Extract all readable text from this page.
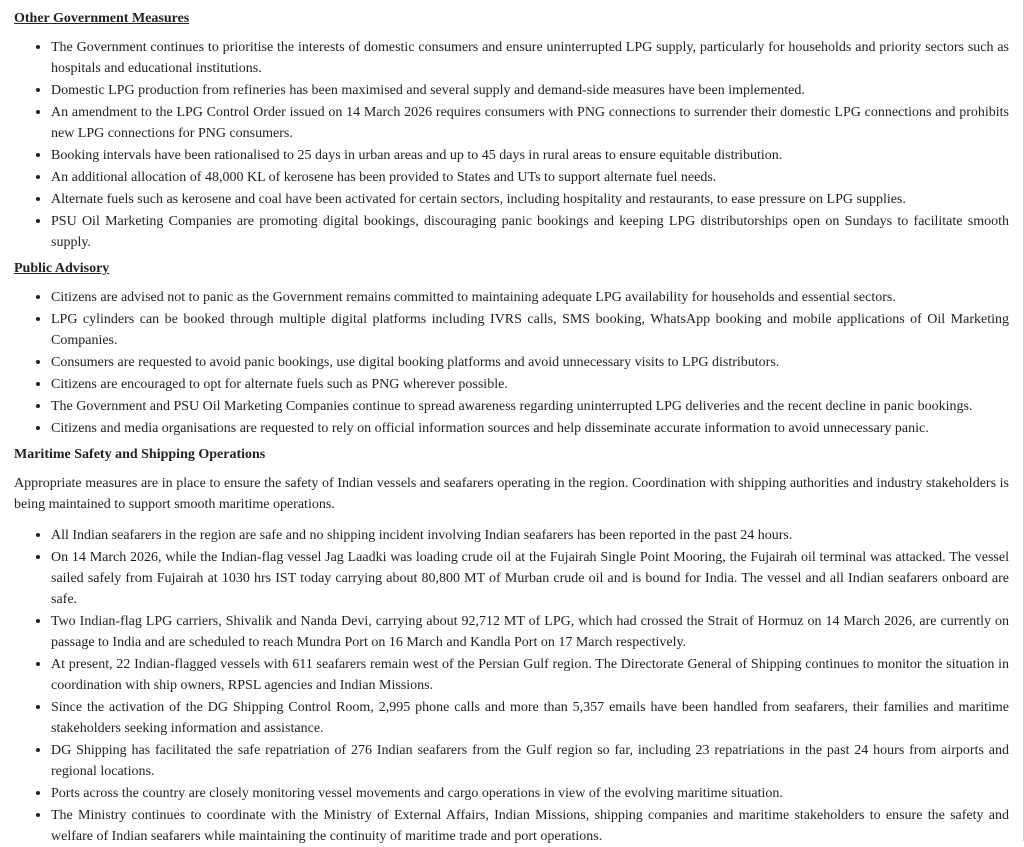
Other Government Measures
• The Government continues to prioritise the interests of domestic consumers and ensure uninterrupted LPG supply, particularly for households and priority sectors such as hospitals and educational institutions.
• Domestic LPG production from refineries has been maximised and several supply and demand-side measures have been implemented.
• An amendment to the LPG Control Order issued on 14 March 2026 requires consumers with PNG connections to surrender their domestic LPG connections and prohibits new LPG connections for PNG consumers.
• Booking intervals have been rationalised to 25 days in urban areas and up to 45 days in rural areas to ensure equitable distribution.
• An additional allocation of 48,000 KL of kerosene has been provided to States and UTs to support alternate fuel needs.
• Alternate fuels such as kerosene and coal have been activated for certain sectors, including hospitality and restaurants, to ease pressure on LPG supplies.
• PSU Oil Marketing Companies are promoting digital bookings, discouraging panic bookings and keeping LPG distributorships open on Sundays to facilitate smooth supply.
Public Advisory
• Citizens are advised not to panic as the Government remains committed to maintaining adequate LPG availability for households and essential sectors.
• LPG cylinders can be booked through multiple digital platforms including IVRS calls, SMS booking, WhatsApp booking and mobile applications of Oil Marketing Companies.
• Consumers are requested to avoid panic bookings, use digital booking platforms and avoid unnecessary visits to LPG distributors.
• Citizens are encouraged to opt for alternate fuels such as PNG wherever possible.
• The Government and PSU Oil Marketing Companies continue to spread awareness regarding uninterrupted LPG deliveries and the recent decline in panic bookings.
• Citizens and media organisations are requested to rely on official information sources and help disseminate accurate information to avoid unnecessary panic.
Maritime Safety and Shipping Operations

Appropriate measures are in place to ensure the safety of Indian vessels and seafarers operating in the region. Coordination with shipping authorities and industry stakeholders is being maintained to support smooth maritime operations.

• All Indian seafarers in the region are safe and no shipping incident involving Indian seafarers has been reported in the past 24 hours.
• On 14 March 2026, while the Indian-flag vessel Jag Laadki was loading crude oil at the Fujairah Single Point Mooring, the Fujairah oil terminal was attacked. The vessel sailed safely from Fujairah at 1030 hrs IST today carrying about 80,800 MT of Murban crude oil and is bound for India. The vessel and all Indian seafarers onboard are safe.
• Two Indian-flag LPG carriers, Shivalik and Nanda Devi, carrying about 92,712 MT of LPG, which had crossed the Strait of Hormuz on 14 March 2026, are currently on passage to India and are scheduled to reach Mundra Port on 16 March and Kandla Port on 17 March respectively.
• At present, 22 Indian-flagged vessels with 611 seafarers remain west of the Persian Gulf region. The Directorate General of Shipping continues to monitor the situation in coordination with ship owners, RPSL agencies and Indian Missions.
• Since the activation of the DG Shipping Control Room, 2,995 phone calls and more than 5,357 emails have been handled from seafarers, their families and maritime stakeholders seeking information and assistance.
• DG Shipping has facilitated the safe repatriation of 276 Indian seafarers from the Gulf region so far, including 23 repatriations in the past 24 hours from airports and regional locations.
• Ports across the country are closely monitoring vessel movements and cargo operations in view of the evolving maritime situation.
• The Ministry continues to coordinate with the Ministry of External Affairs, Indian Missions, shipping companies and maritime stakeholders to ensure the safety and welfare of Indian seafarers while maintaining the continuity of maritime trade and port operations.
